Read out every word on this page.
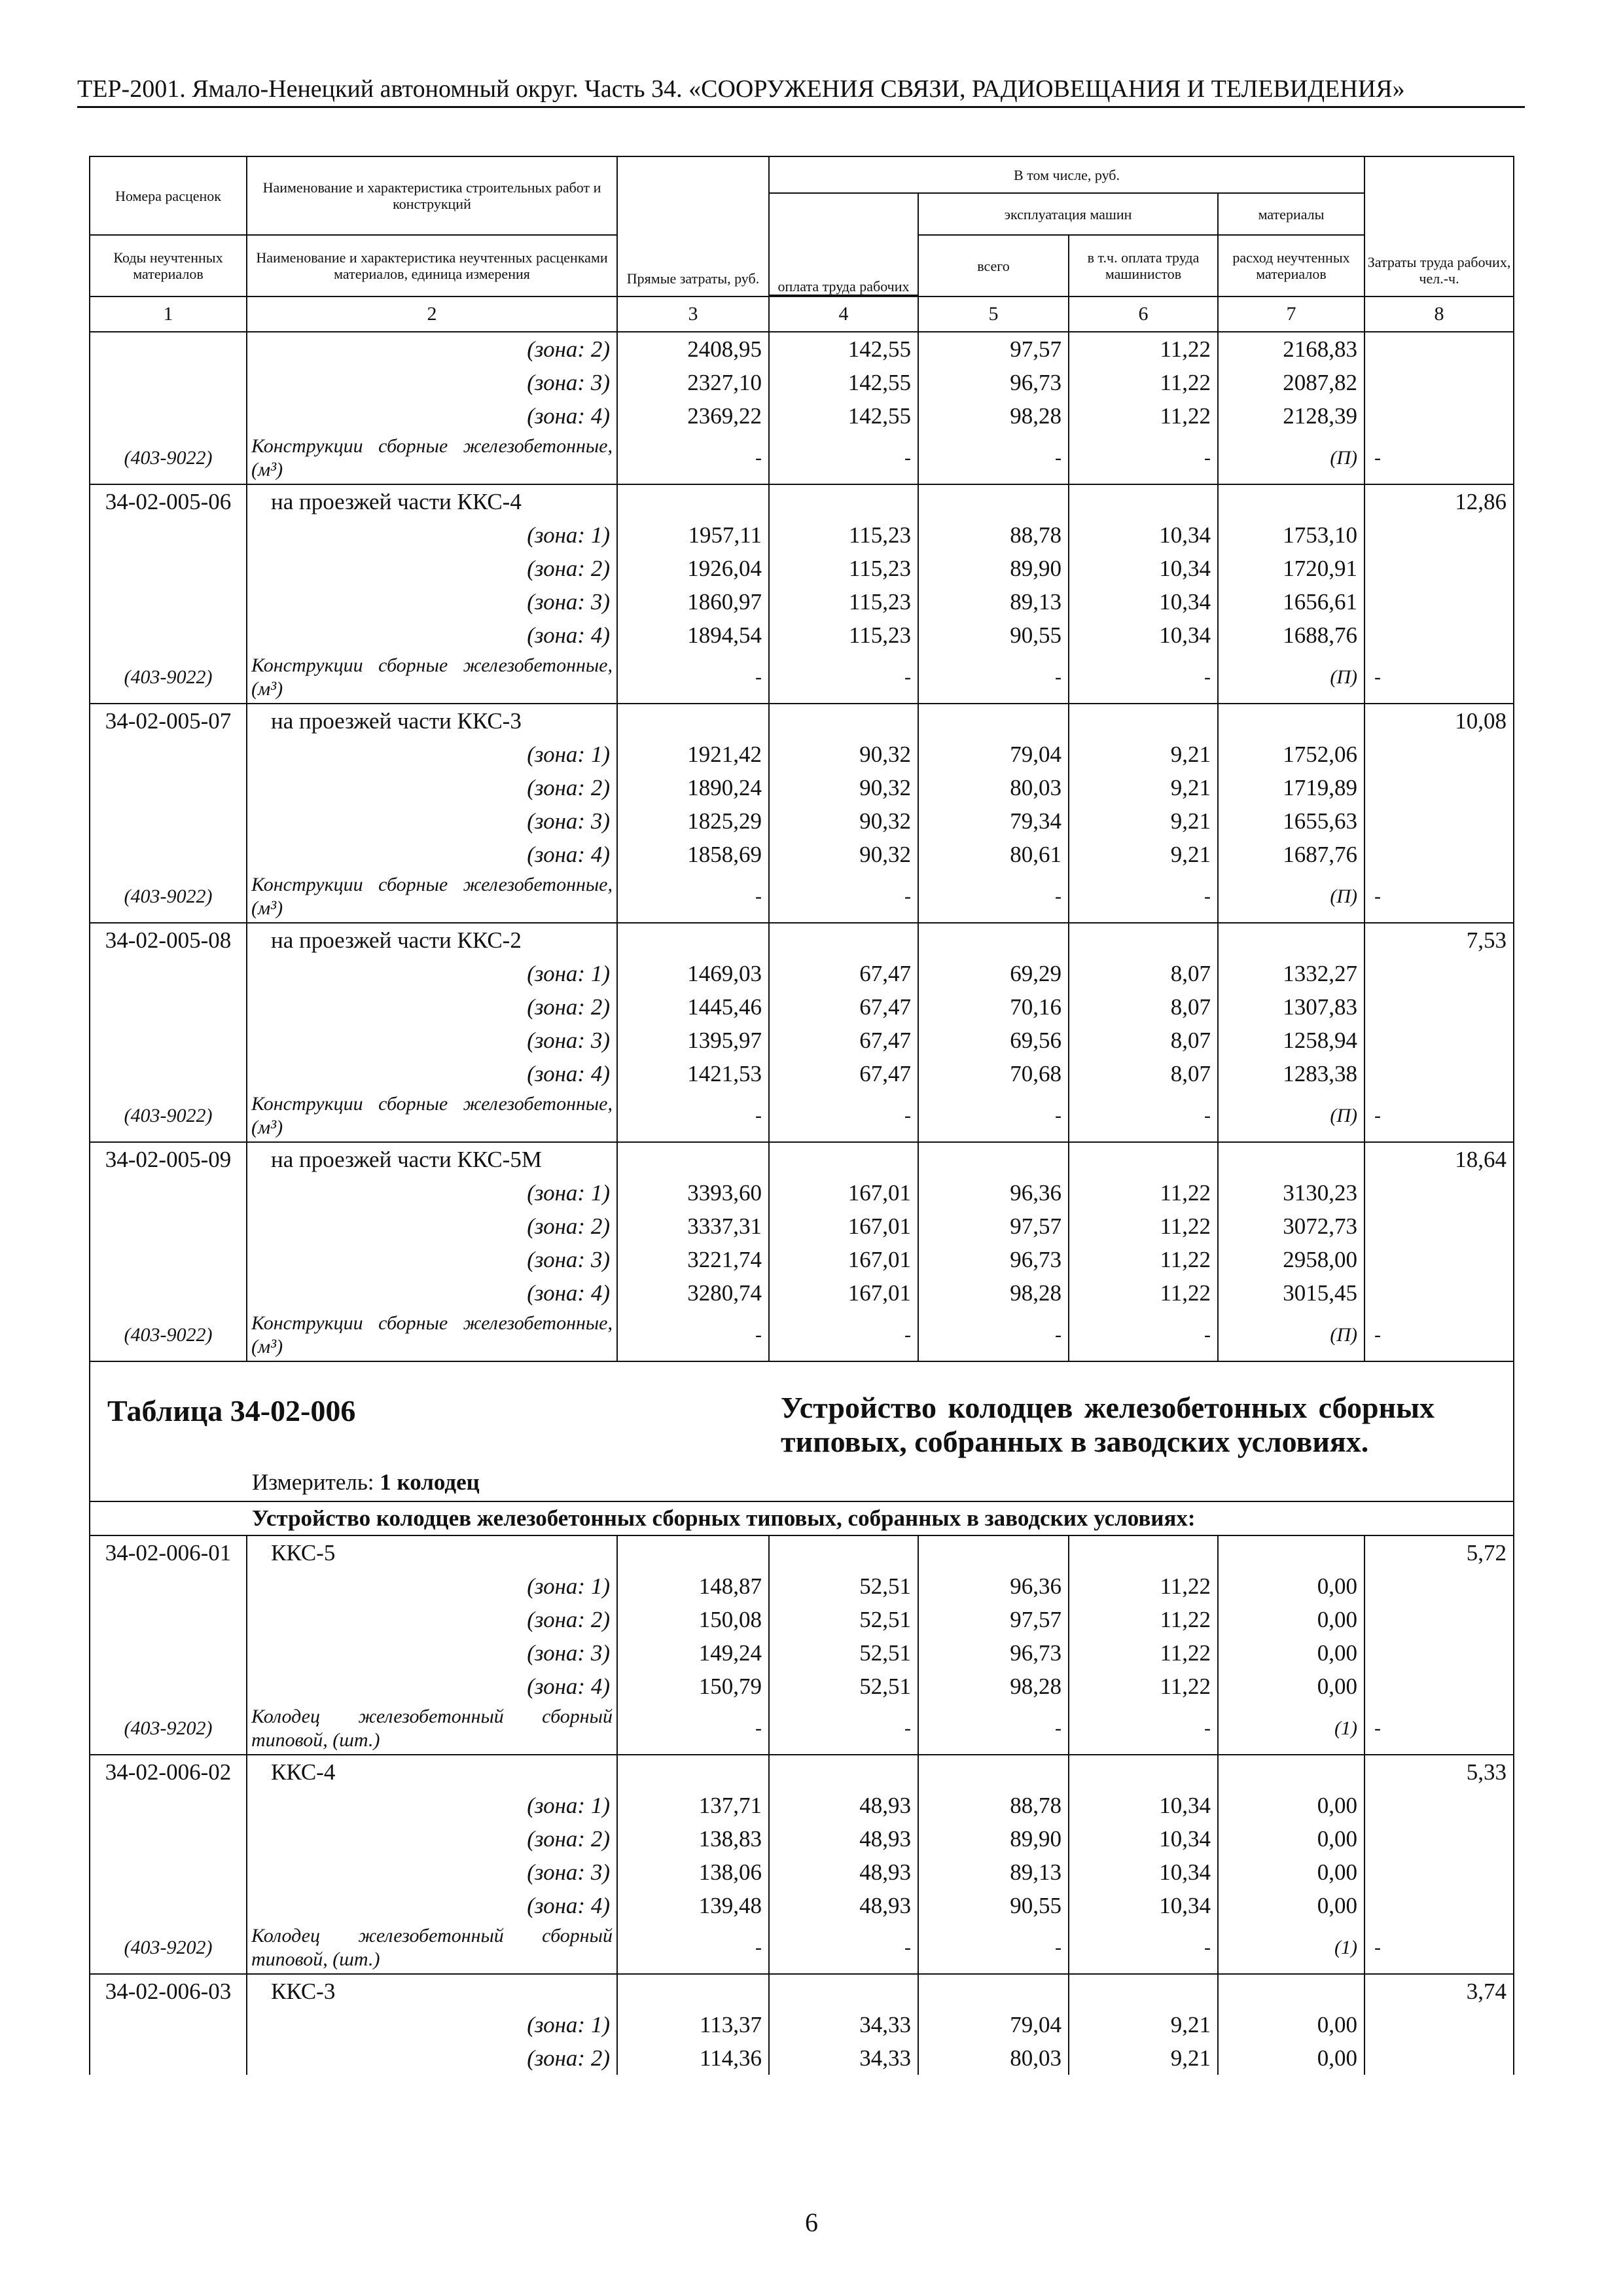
ТЕР-2001. Ямало-Ненецкий автономный округ. Часть 34. «СООРУЖЕНИЯ СВЯЗИ, РАДИОВЕЩАНИЯ И ТЕЛЕВИДЕНИЯ»
Номера расценок	Наименование и характеристика строительных работ и конструкций	Прямые затраты, руб.	В том числе, руб.				Затраты труда рабочих, чел.-ч.
			оплата труда рабочих	эксплуатация машин		материалы	
Коды неучтенных материалов	Наименование и характеристика неучтенных расценками материалов, единица измерения			всего	в т.ч. оплата труда машинистов	расход неучтенных материалов	

1	2	3	4	5	6	7	8
	(зона: 2)	2408,95	142,55	97,57	11,22	2168,83	
	(зона: 3)	2327,10	142,55	96,73	11,22	2087,82	
	(зона: 4)	2369,22	142,55	98,28	11,22	2128,39	
(403-9022)	Конструкции сборные железобетонные, (м³)	-	-	-	-	(П)	-
34-02-005-06	на проезжей части ККС-4						12,86
	(зона: 1)	1957,11	115,23	88,78	10,34	1753,10	
	(зона: 2)	1926,04	115,23	89,90	10,34	1720,91	
	(зона: 3)	1860,97	115,23	89,13	10,34	1656,61	
	(зона: 4)	1894,54	115,23	90,55	10,34	1688,76	
(403-9022)	Конструкции сборные железобетонные, (м³)	-	-	-	-	(П)	-
34-02-005-07	на проезжей части ККС-3						10,08
	(зона: 1)	1921,42	90,32	79,04	9,21	1752,06	
	(зона: 2)	1890,24	90,32	80,03	9,21	1719,89	
	(зона: 3)	1825,29	90,32	79,34	9,21	1655,63	
	(зона: 4)	1858,69	90,32	80,61	9,21	1687,76	
(403-9022)	Конструкции сборные железобетонные, (м³)	-	-	-	-	(П)	-
34-02-005-08	на проезжей части ККС-2						7,53
	(зона: 1)	1469,03	67,47	69,29	8,07	1332,27	
	(зона: 2)	1445,46	67,47	70,16	8,07	1307,83	
	(зона: 3)	1395,97	67,47	69,56	8,07	1258,94	
	(зона: 4)	1421,53	67,47	70,68	8,07	1283,38	
(403-9022)	Конструкции сборные железобетонные, (м³)	-	-	-	-	(П)	-
34-02-005-09	на проезжей части ККС-5М						18,64
	(зона: 1)	3393,60	167,01	96,36	11,22	3130,23	
	(зона: 2)	3337,31	167,01	97,57	11,22	3072,73	
	(зона: 3)	3221,74	167,01	96,73	11,22	2958,00	
	(зона: 4)	3280,74	167,01	98,28	11,22	3015,45	
(403-9022)	Конструкции сборные железобетонные, (м³)	-	-	-	-	(П)	-
Таблица 34-02-006			Устройство колодцев железобетонных сборных типовых, собранных в заводских условиях.				
	Измеритель: 1 колодец						
	Устройство колодцев железобетонных сборных типовых, собранных в заводских условиях:						
34-02-006-01	ККС-5						5,72
	(зона: 1)	148,87	52,51	96,36	11,22	0,00	
	(зона: 2)	150,08	52,51	97,57	11,22	0,00	
	(зона: 3)	149,24	52,51	96,73	11,22	0,00	
	(зона: 4)	150,79	52,51	98,28	11,22	0,00	
(403-9202)	Колодец железобетонный сборный типовой, (шт.)	-	-	-	-	(1)	-
34-02-006-02	ККС-4						5,33
	(зона: 1)	137,71	48,93	88,78	10,34	0,00	
	(зона: 2)	138,83	48,93	89,90	10,34	0,00	
	(зона: 3)	138,06	48,93	89,13	10,34	0,00	
	(зона: 4)	139,48	48,93	90,55	10,34	0,00	
(403-9202)	Колодец железобетонный сборный типовой, (шт.)	-	-	-	-	(1)	-
34-02-006-03	ККС-3						3,74
	(зона: 1)	113,37	34,33	79,04	9,21	0,00	
	(зона: 2)	114,36	34,33	80,03	9,21	0,00	
6
